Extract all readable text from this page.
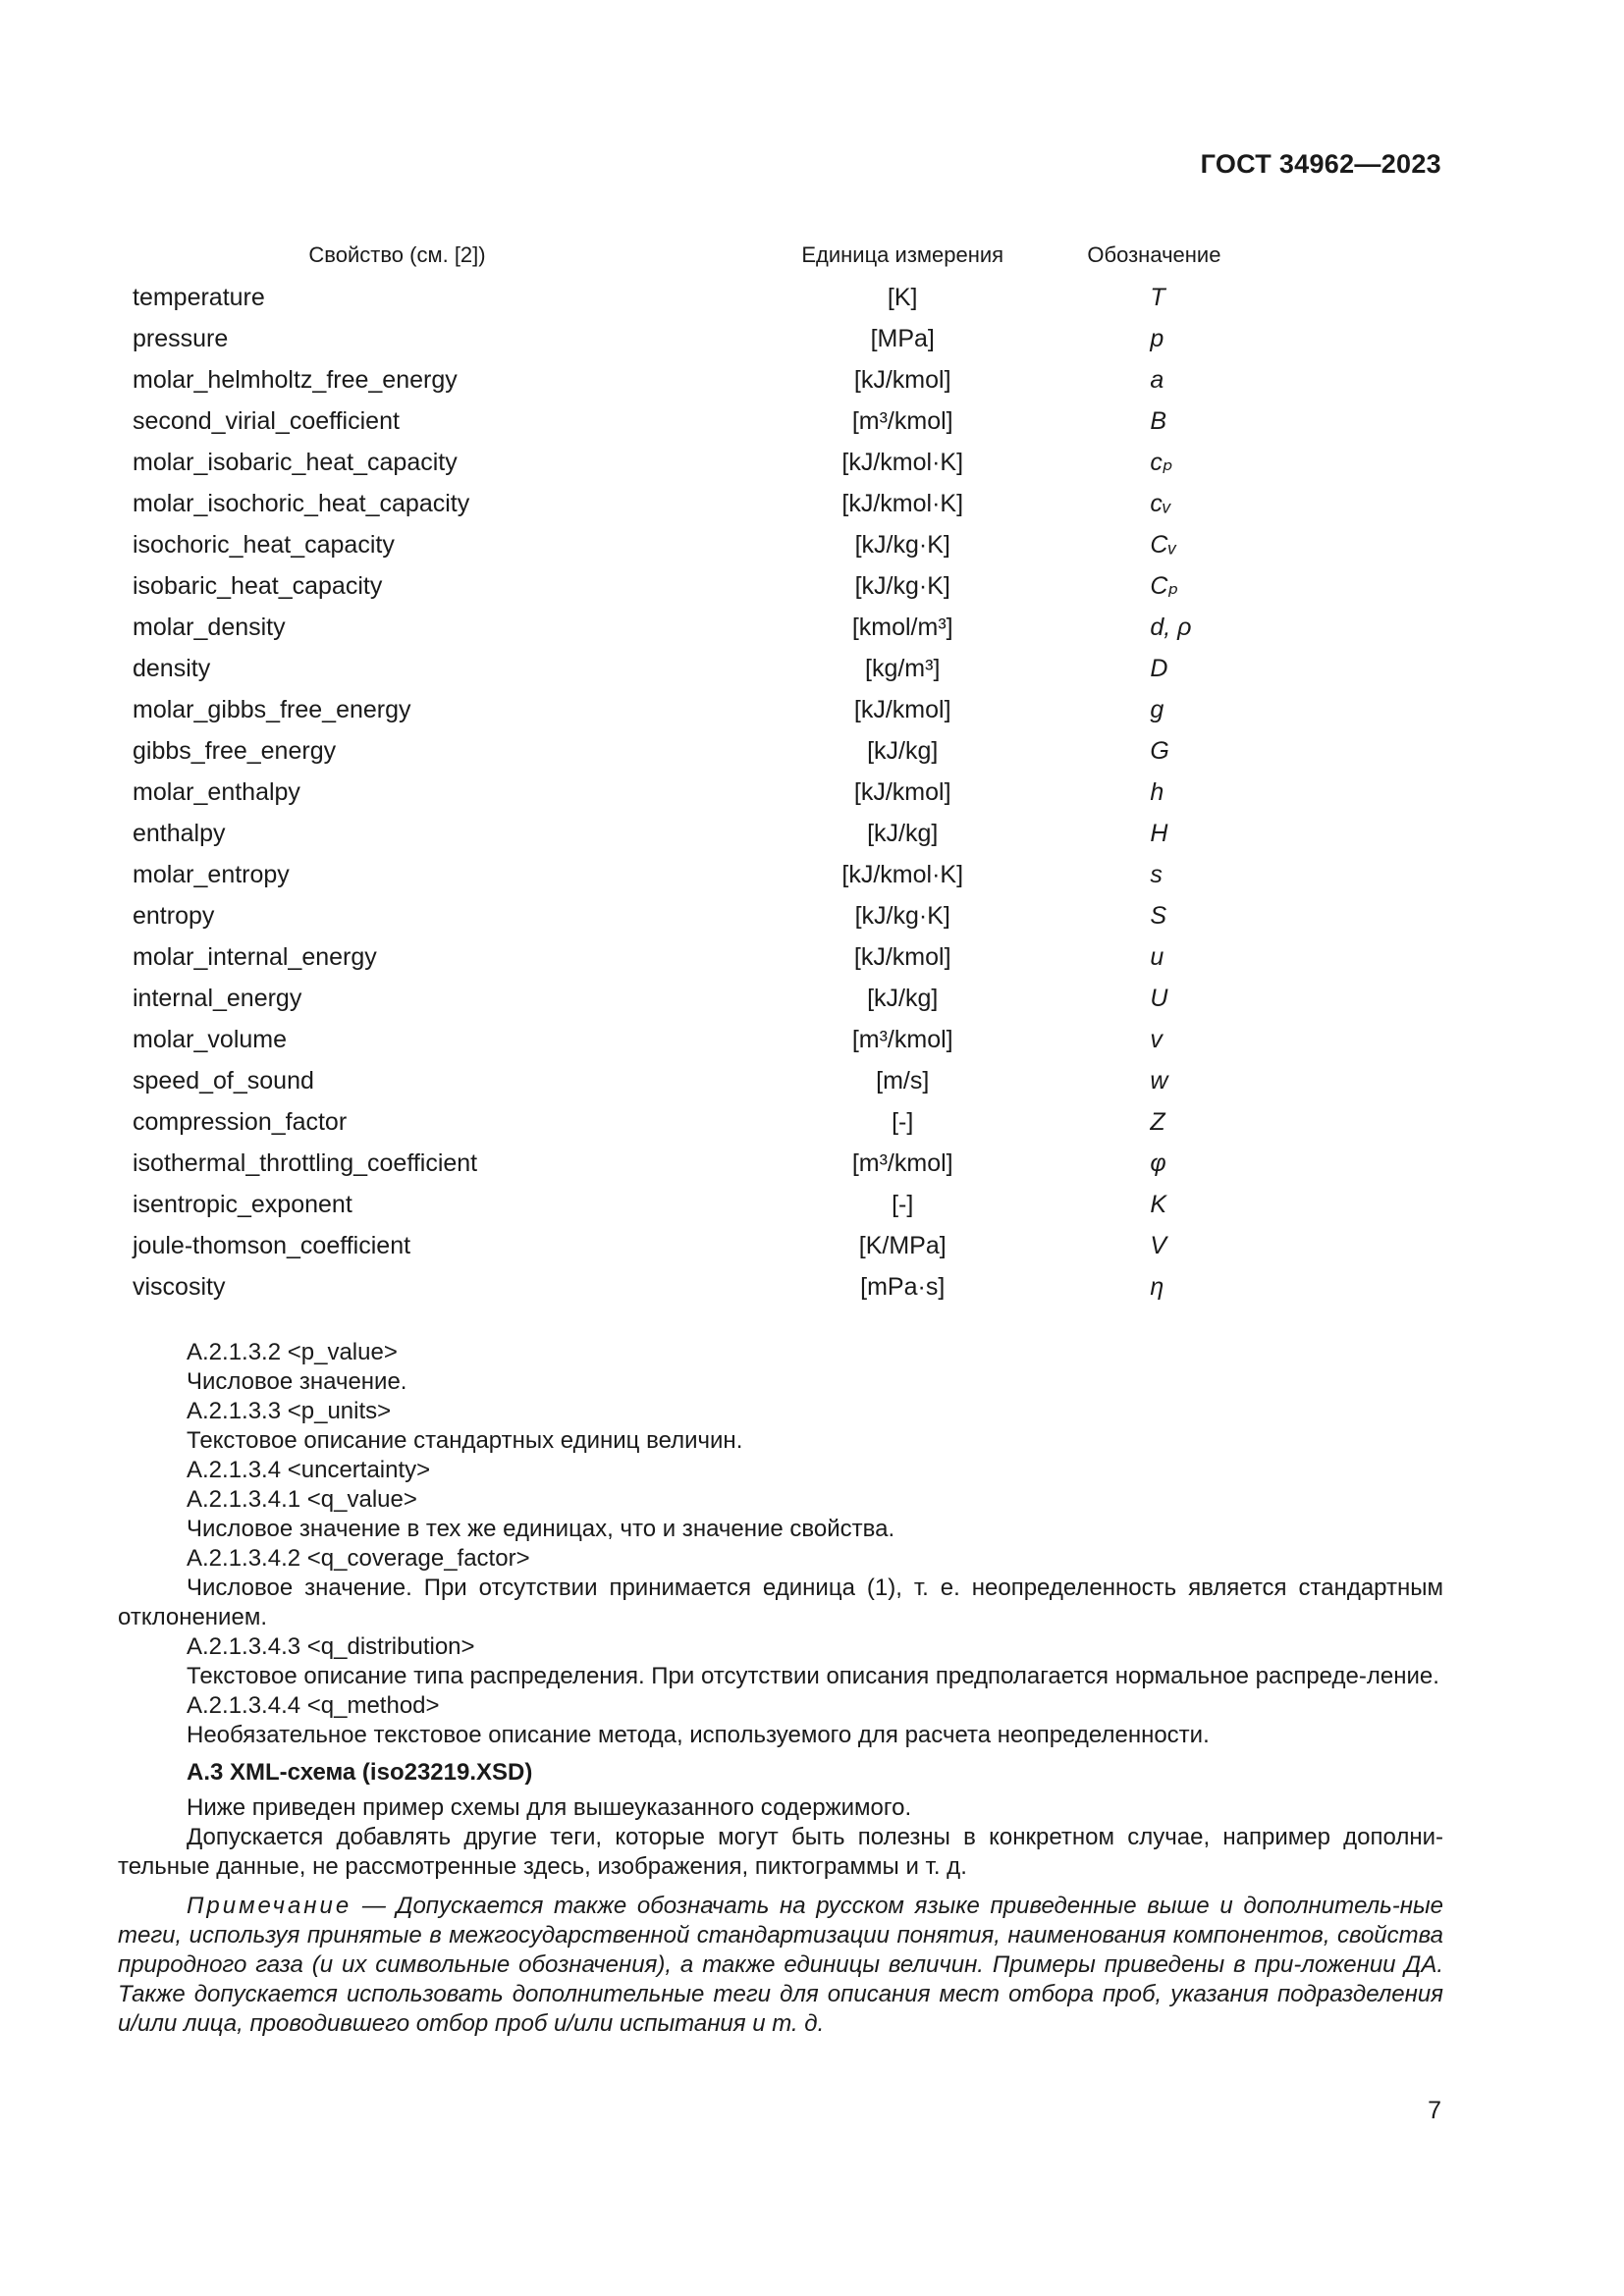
ГОСТ 34962—2023
Свойство (см. [2])	Единица измерения	Обозначение
temperature	[K]	T
pressure	[MPa]	p
molar_helmholtz_free_energy	[kJ/kmol]	a
second_virial_coefficient	[m³/kmol]	B
molar_isobaric_heat_capacity	[kJ/kmol·K]	cₚ
molar_isochoric_heat_capacity	[kJ/kmol·K]	cᵥ
isochoric_heat_capacity	[kJ/kg·K]	Cᵥ
isobaric_heat_capacity	[kJ/kg·K]	Cₚ
molar_density	[kmol/m³]	d, ρ
density	[kg/m³]	D
molar_gibbs_free_energy	[kJ/kmol]	g
gibbs_free_energy	[kJ/kg]	G
molar_enthalpy	[kJ/kmol]	h
enthalpy	[kJ/kg]	H
molar_entropy	[kJ/kmol·K]	s
entropy	[kJ/kg·K]	S
molar_internal_energy	[kJ/kmol]	u
internal_energy	[kJ/kg]	U
molar_volume	[m³/kmol]	v
speed_of_sound	[m/s]	w
compression_factor	[-]	Z
isothermal_throttling_coefficient	[m³/kmol]	φ
isentropic_exponent	[-]	K
joule-thomson_coefficient	[K/MPa]	V
viscosity	[mPa·s]	η

A.2.1.3.2 <p_value>

Числовое значение.

A.2.1.3.3 <p_units>

Текстовое описание стандартных единиц величин.

A.2.1.3.4 <uncertainty>

A.2.1.3.4.1 <q_value>

Числовое значение в тех же единицах, что и значение свойства.

A.2.1.3.4.2 <q_coverage_factor>

Числовое значение. При отсутствии принимается единица (1), т. е. неопределенность является стандартным отклонением.

A.2.1.3.4.3 <q_distribution>

Текстовое описание типа распределения. При отсутствии описания предполагается нормальное распреде-ление.

A.2.1.3.4.4 <q_method>

Необязательное текстовое описание метода, используемого для расчета неопределенности.

A.3 XML-схема (iso23219.XSD)

Ниже приведен пример схемы для вышеуказанного содержимого.

Допускается добавлять другие теги, которые могут быть полезны в конкретном случае, например дополни-тельные данные, не рассмотренные здесь, изображения, пиктограммы и т. д.

Примечание — Допускается также обозначать на русском языке приведенные выше и дополнитель-ные теги, используя принятые в межгосударственной стандартизации понятия, наименования компонентов, свойства природного газа (и их символьные обозначения), а также единицы величин. Примеры приведены в при-ложении ДА. Также допускается использовать дополнительные теги для описания мест отбора проб, указания подразделения и/или лица, проводившего отбор проб и/или испытания и т. д.

7
